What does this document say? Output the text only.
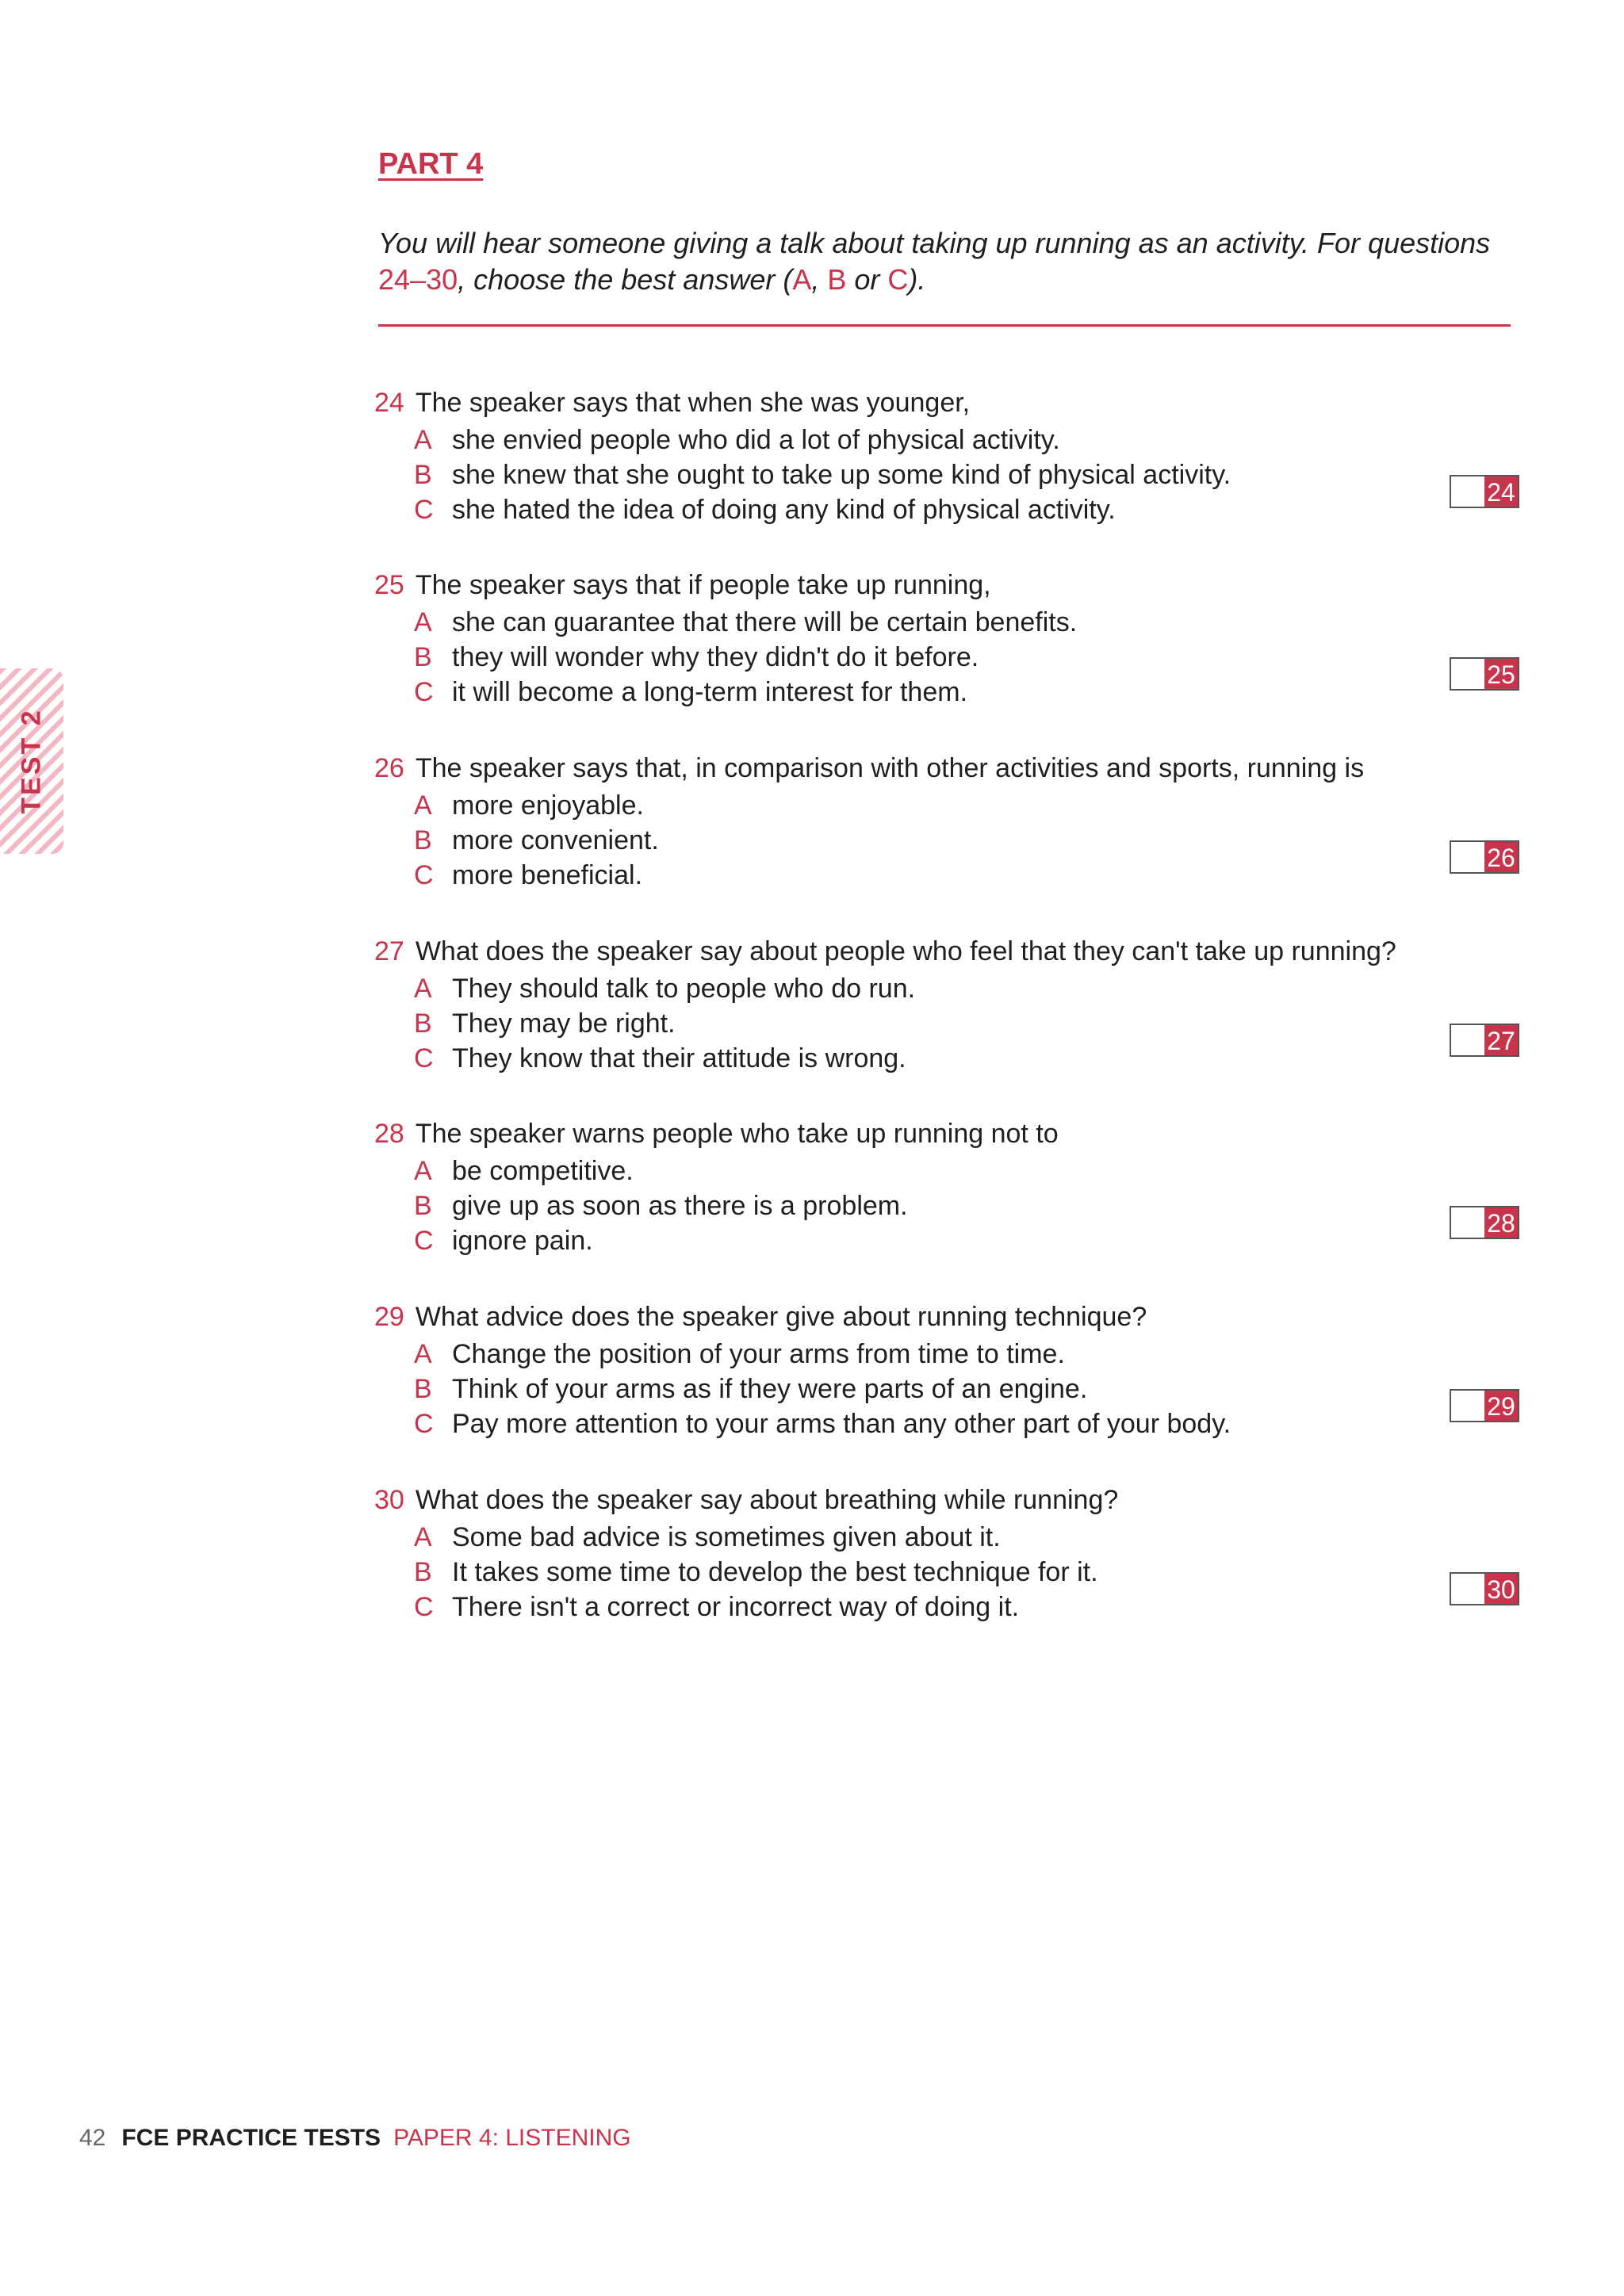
PART 4
You will hear someone giving a talk about taking up running as an activity. For questions
24–30, choose the best answer (A, B or C).
TEST 2
24 The speaker says that when she was younger,
A she envied people who did a lot of physical activity.
B she knew that she ought to take up some kind of physical activity.
C she hated the idea of doing any kind of physical activity.
24
25 The speaker says that if people take up running,
A she can guarantee that there will be certain benefits.
B they will wonder why they didn't do it before.
C it will become a long-term interest for them.
25
26 The speaker says that, in comparison with other activities and sports, running is
A more enjoyable.
B more convenient.
C more beneficial.
26
27 What does the speaker say about people who feel that they can't take up running?
A They should talk to people who do run.
B They may be right.
C They know that their attitude is wrong.
27
28 The speaker warns people who take up running not to
A be competitive.
B give up as soon as there is a problem.
C ignore pain.
28
29 What advice does the speaker give about running technique?
A Change the position of your arms from time to time.
B Think of your arms as if they were parts of an engine.
C Pay more attention to your arms than any other part of your body.
29
30 What does the speaker say about breathing while running?
A Some bad advice is sometimes given about it.
B It takes some time to develop the best technique for it.
C There isn't a correct or incorrect way of doing it.
30
42 FCE PRACTICE TESTS PAPER 4: LISTENING
